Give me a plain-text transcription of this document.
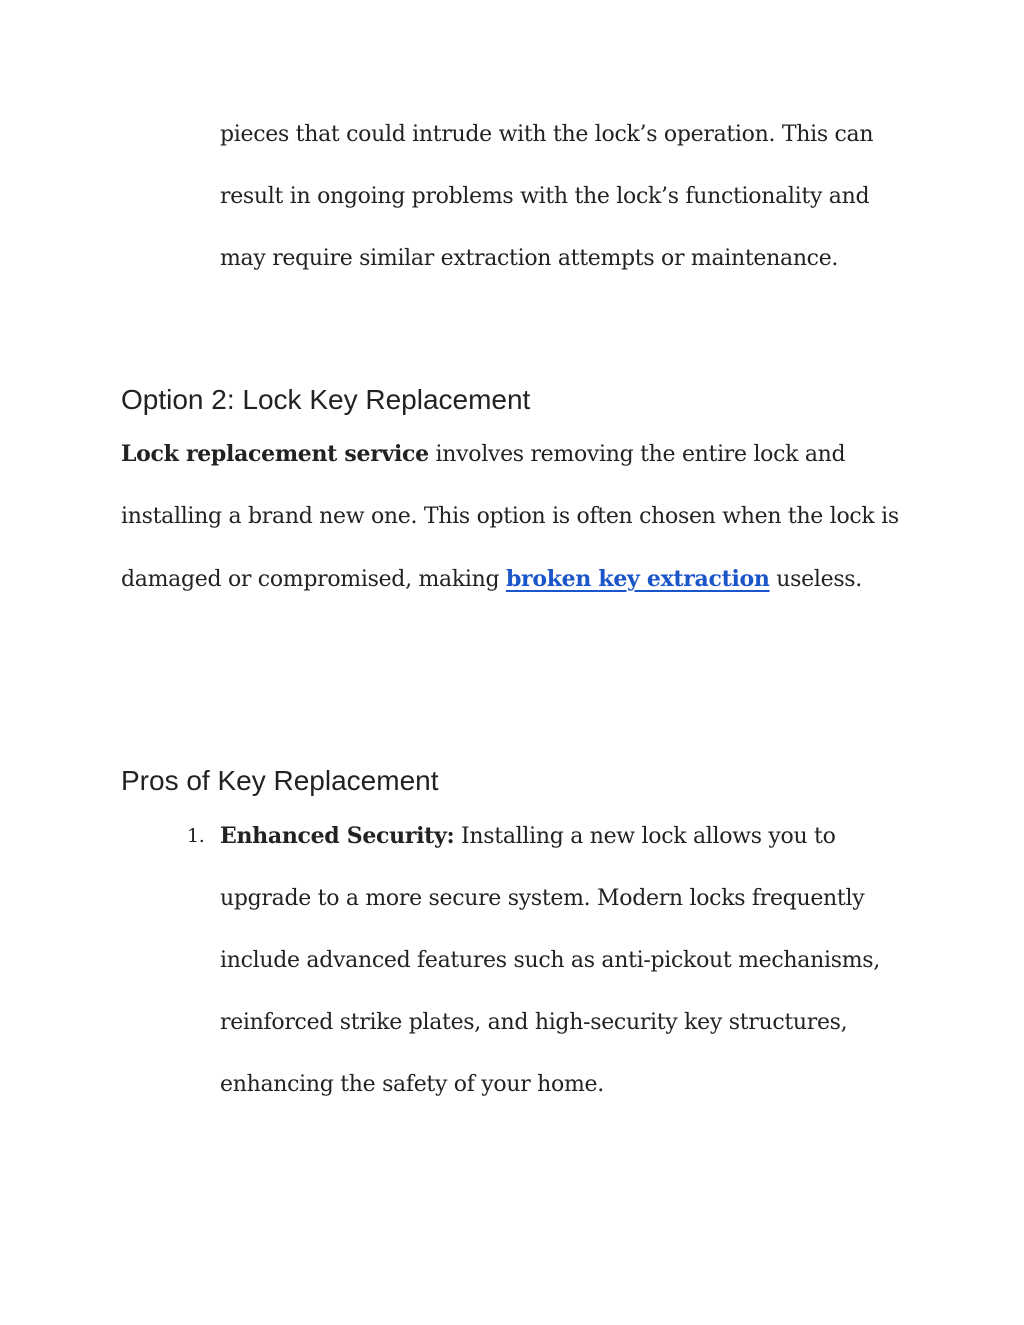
pieces that could intrude with the lock’s operation. This can result in ongoing problems with the lock’s functionality and may require similar extraction attempts or maintenance.

Option 2: Lock Key Replacement

Lock replacement service involves removing the entire lock and installing a brand new one. This option is often chosen when the lock is damaged or compromised, making broken key extraction useless.

Pros of Key Replacement
1. Enhanced Security: Installing a new lock allows you to upgrade to a more secure system. Modern locks frequently include advanced features such as anti-pickout mechanisms, reinforced strike plates, and high-security key structures, enhancing the safety of your home.
